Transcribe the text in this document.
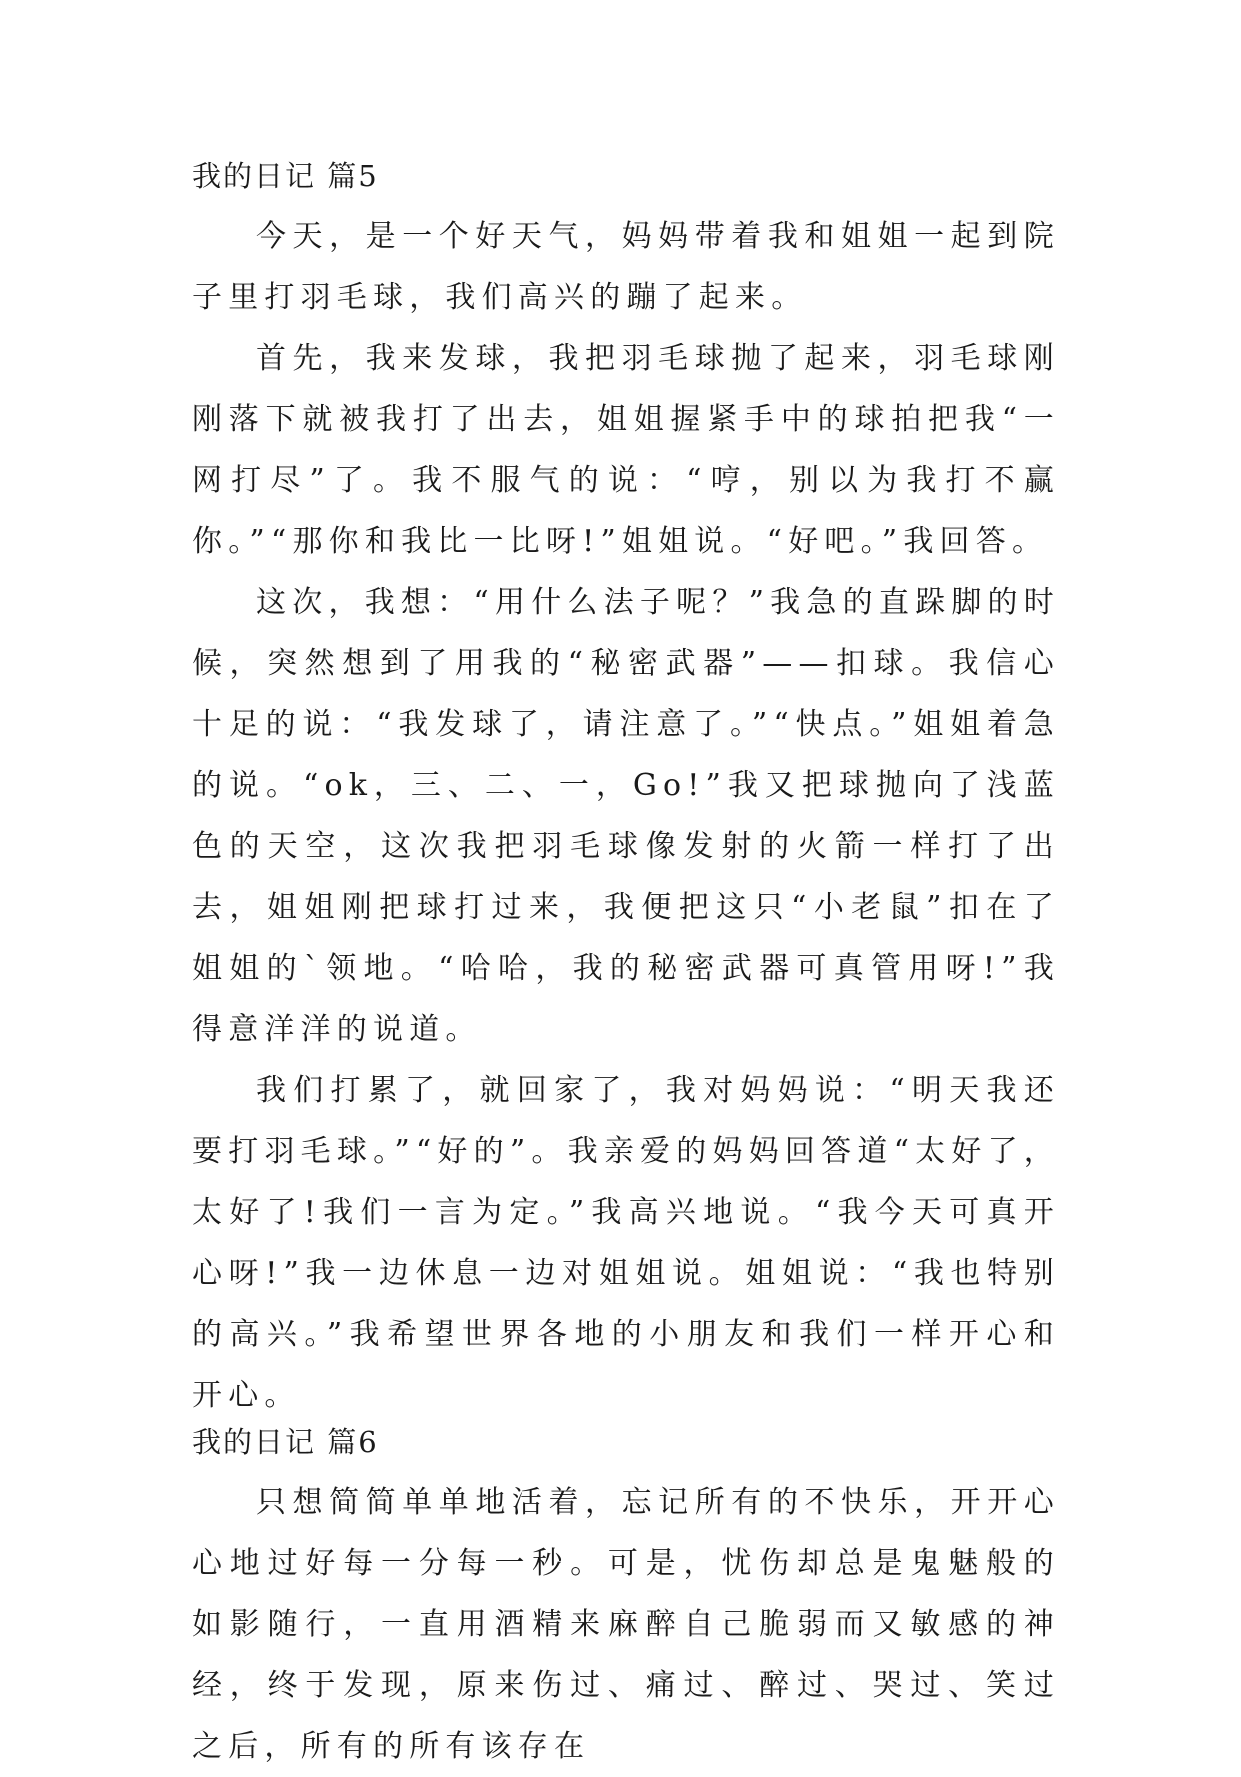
我的日记 篇5

今天，是一个好天气，妈妈带着我和姐姐一起到院子里打羽毛球，我们高兴的蹦了起来。

首先，我来发球，我把羽毛球抛了起来，羽毛球刚刚落下就被我打了出去，姐姐握紧手中的球拍把我“一网打尽”了。我不服气的说：“哼，别以为我打不赢你。”“那你和我比一比呀!”姐姐说。“好吧。”我回答。

这次，我想：“用什么法子呢？”我急的直跺脚的时候，突然想到了用我的“秘密武器”——扣球。我信心十足的说：“我发球了，请注意了。”“快点。”姐姐着急的说。“ok，三、二、一，Go!”我又把球抛向了浅蓝色的天空，这次我把羽毛球像发射的火箭一样打了出去，姐姐刚把球打过来，我便把这只“小老鼠”扣在了姐姐的`领地。“哈哈，我的秘密武器可真管用呀!”我得意洋洋的说道。

我们打累了，就回家了，我对妈妈说：“明天我还要打羽毛球。”“好的”。我亲爱的妈妈回答道“太好了，太好了!我们一言为定。”我高兴地说。“我今天可真开心呀!”我一边休息一边对姐姐说。姐姐说：“我也特别的高兴。”我希望世界各地的小朋友和我们一样开心和开心。

我的日记 篇6

只想简简单单地活着，忘记所有的不快乐，开开心心地过好每一分每一秒。可是，忧伤却总是鬼魅般的如影随行，一直用酒精来麻醉自己脆弱而又敏感的神经，终于发现，原来伤过、痛过、醉过、哭过、笑过之后，所有的所有该存在
